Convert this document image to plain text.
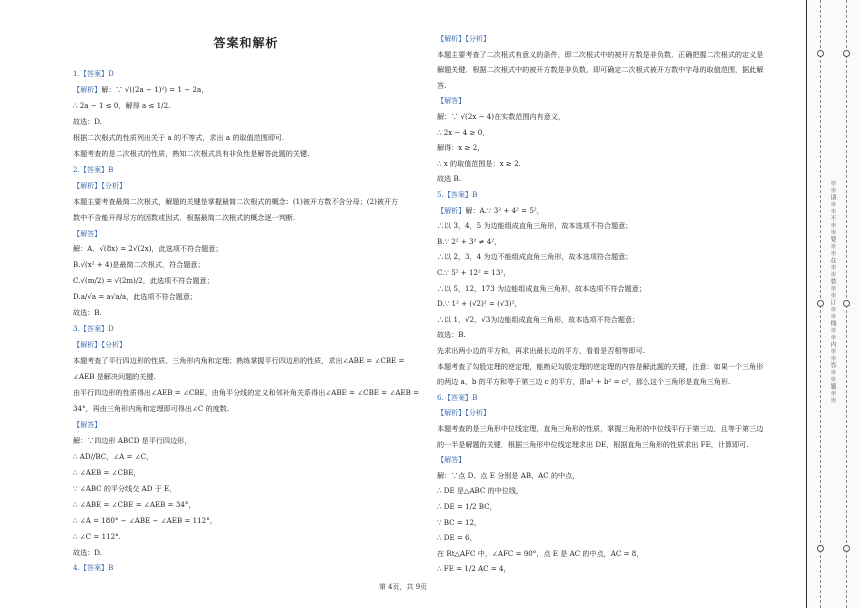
答案和解析
1.【答案】D
【解析】解：∵ √((2a − 1)²) = 1 − 2a，
∴ 2a − 1 ≤ 0，解得 a ≤ 1/2.
故选：D.
根据二次根式的性质列出关于 a 的不等式，求出 a 的取值范围即可.
本题考查的是二次根式的性质，熟知二次根式具有非负性是解答此题的关键.
2.【答案】B
【解析】【分析】
本题主要考查最简二次根式，解题的关键是掌握最简二次根式的概念：(1)被开方数不含分母；(2)被开方
数中不含能开得尽方的因数或因式．根据最简二次根式的概念逐一判断.
【解答】
解：A．√(8x) = 2√(2x)，此选项不符合题意；
B.√(x² + 4)是最简二次根式，符合题意；
C.√(m/2) = √(2m)/2，此选项不符合题意；
D.a/√a = a√a/a，此选项不符合题意；
故选：B.
3.【答案】D
【解析】【分析】
本题考查了平行四边形的性质、三角形内角和定理；熟练掌握平行四边形的性质，求出∠ABE = ∠CBE =
∠AEB 是解决问题的关键.
由平行四边形的性质得出∠AEB = ∠CBE，由角平分线的定义和邻补角关系得出∠ABE = ∠CBE = ∠AEB =
34°，再由三角形内角和定理即可得出∠C 的度数.
【解答】
解：∵四边形 ABCD 是平行四边形，
∴ AD//BC，∠A = ∠C，
∴ ∠AEB = ∠CBE，
∵ ∠ABC 的平分线交 AD 于 E，
∴ ∠ABE = ∠CBE = ∠AEB = 34°，
∴ ∠A = 180° − ∠ABE − ∠AEB = 112°，
∴ ∠C = 112°.
故选：D.
4.【答案】B
【解析】【分析】
本题主要考查了二次根式有意义的条件，即二次根式中的被开方数是非负数．正确把握二次根式的定义是
解题关键．根据二次根式中的被开方数是非负数，即可确定二次根式被开方数中字母的取值范围，据此解
答.
【解答】
解：∵ √(2x − 4)在实数范围内有意义，
∴ 2x − 4 ≥ 0，
解得：x ≥ 2，
∴ x 的取值范围是：x ≥ 2.
故选 B.
5.【答案】B
【解析】解：A.∵ 3² + 4² = 5²，
∴以 3，4，5 为边能组成直角三角形，故本选项不符合题意；
B.∵ 2² + 3² ≠ 4²，
∴以 2，3，4 为边不能组成直角三角形，故本选项符合题意；
C.∵ 5² + 12² = 13²，
∴以 5，12，173 为边能组成直角三角形，故本选项不符合题意；
D.∵ 1² + (√2)² = (√3)²，
∴以 1，√2，√3为边能组成直角三角形，故本选项不符合题意；
故选：B.
先求出两小边的平方和，再求出最长边的平方，看看是否相等即可.
本题考查了勾股定理的逆定理，能熟记勾股定理的逆定理的内容是解此题的关键，注意：如果一个三角形
的两边 a、b 的平方和等于第三边 c 的平方，即a² + b² = c²，那么这个三角形是直角三角形.
6.【答案】B
【解析】【分析】
本题考查的是三角形中位线定理，直角三角形的性质，掌握三角形的中位线平行于第三边，且等于第三边
的一半是解题的关键．根据三角形中位线定理求出 DE，根据直角三角形的性质求出 FE，计算即可.
【解答】
解：∵点 D、点 E 分别是 AB、AC 的中点，
∴ DE 是△ABC 的中位线，
∴ DE = 1/2 BC，
∵ BC = 12，
∴ DE = 6，
在 Rt△AFC 中，∠AFC = 90°，点 E 是 AC 的中点，AC = 8，
∴ FE = 1/2 AC = 4，
第 4页，共 9页
※※请※※不※※要※※在※※装※※订※※线※※内※※答※※题※※
